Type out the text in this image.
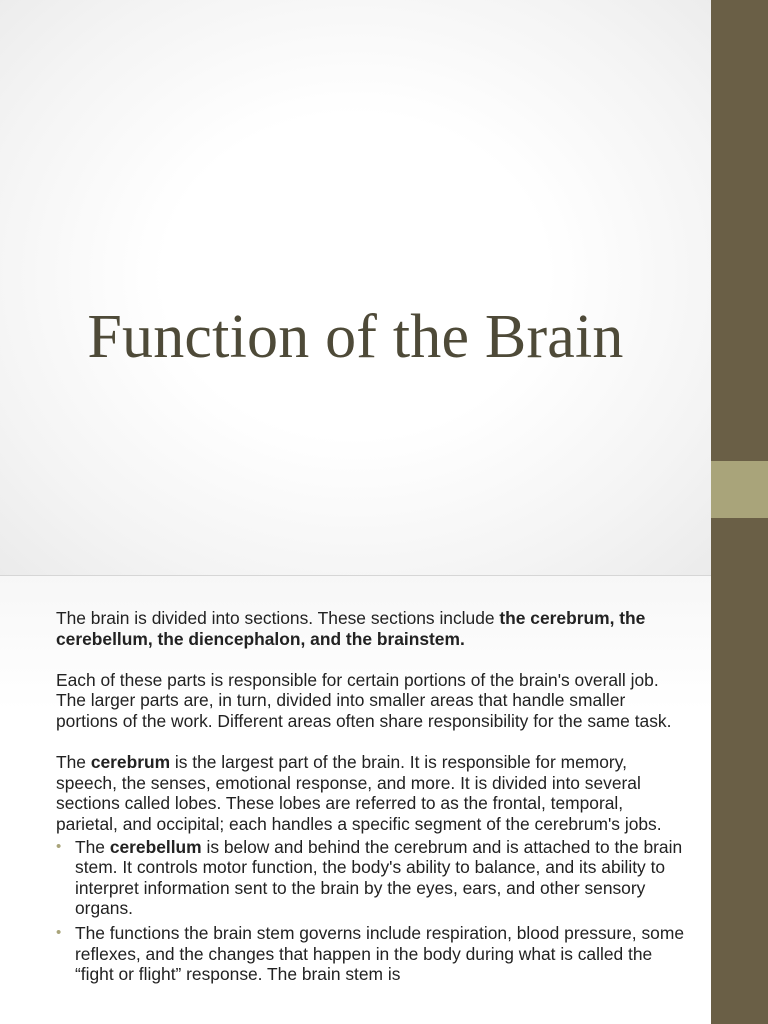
Function of the Brain

The brain is divided into sections. These sections include the cerebrum, the cerebellum, the diencephalon, and the brainstem.

Each of these parts is responsible for certain portions of the brain's overall job. The larger parts are, in turn, divided into smaller areas that handle smaller portions of the work. Different areas often share responsibility for the same task.

The cerebrum is the largest part of the brain. It is responsible for memory, speech, the senses, emotional response, and more. It is divided into several sections called lobes. These lobes are referred to as the frontal, temporal, parietal, and occipital; each handles a specific segment of the cerebrum's jobs.

• The cerebellum is below and behind the cerebrum and is attached to the brain stem. It controls motor function, the body's ability to balance, and its ability to interpret information sent to the brain by the eyes, ears, and other sensory organs.
• The functions the brain stem governs include respiration, blood pressure, some reflexes, and the changes that happen in the body during what is called the “fight or flight” response. The brain stem is
